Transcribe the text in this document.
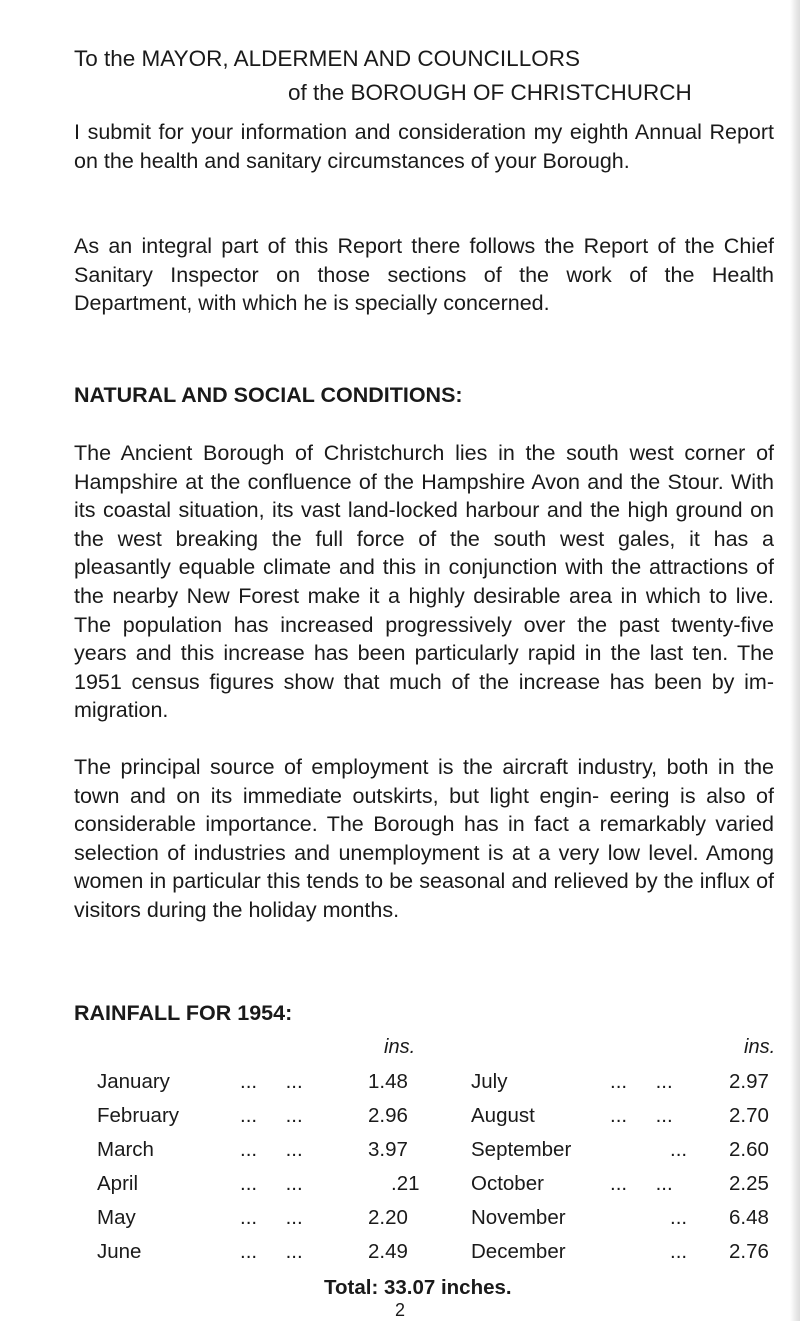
To the MAYOR, ALDERMEN AND COUNCILLORS
of the BOROUGH OF CHRISTCHURCH

I submit for your information and consideration my eighth Annual Report on the health and sanitary circumstances of your Borough.

As an integral part of this Report there follows the Report of the Chief Sanitary Inspector on those sections of the work of the Health Department, with which he is specially concerned.

NATURAL AND SOCIAL CONDITIONS:

The Ancient Borough of Christchurch lies in the south west corner of Hampshire at the confluence of the Hampshire Avon and the Stour. With its coastal situation, its vast land-locked harbour and the high ground on the west breaking the full force of the south west gales, it has a pleasantly equable climate and this in conjunction with the attractions of the nearby New Forest make it a highly desirable area in which to live. The population has increased progressively over the past twenty-five years and this increase has been particularly rapid in the last ten. The 1951 census figures show that much of the increase has been by im- migration.

The principal source of employment is the aircraft industry, both in the town and on its immediate outskirts, but light engin- eering is also of considerable importance. The Borough has in fact a remarkably varied selection of industries and unemployment is at a very low level. Among women in particular this tends to be seasonal and relieved by the influx of visitors during the holiday months.

RAINFALL FOR 1954:

ins.	ins.
January	...     ...	1.48	July	...     ...	2.97
February	...     ...	2.96	August	...     ...	2.70
March	...     ...	3.97	September	... 2.60
April	...     ...	.21	October	...     ...	2.25
May	...     ...	2.20	November	... 6.48
June	...     ...	2.49	December	... 2.76

Total: 33.07 inches.

2
